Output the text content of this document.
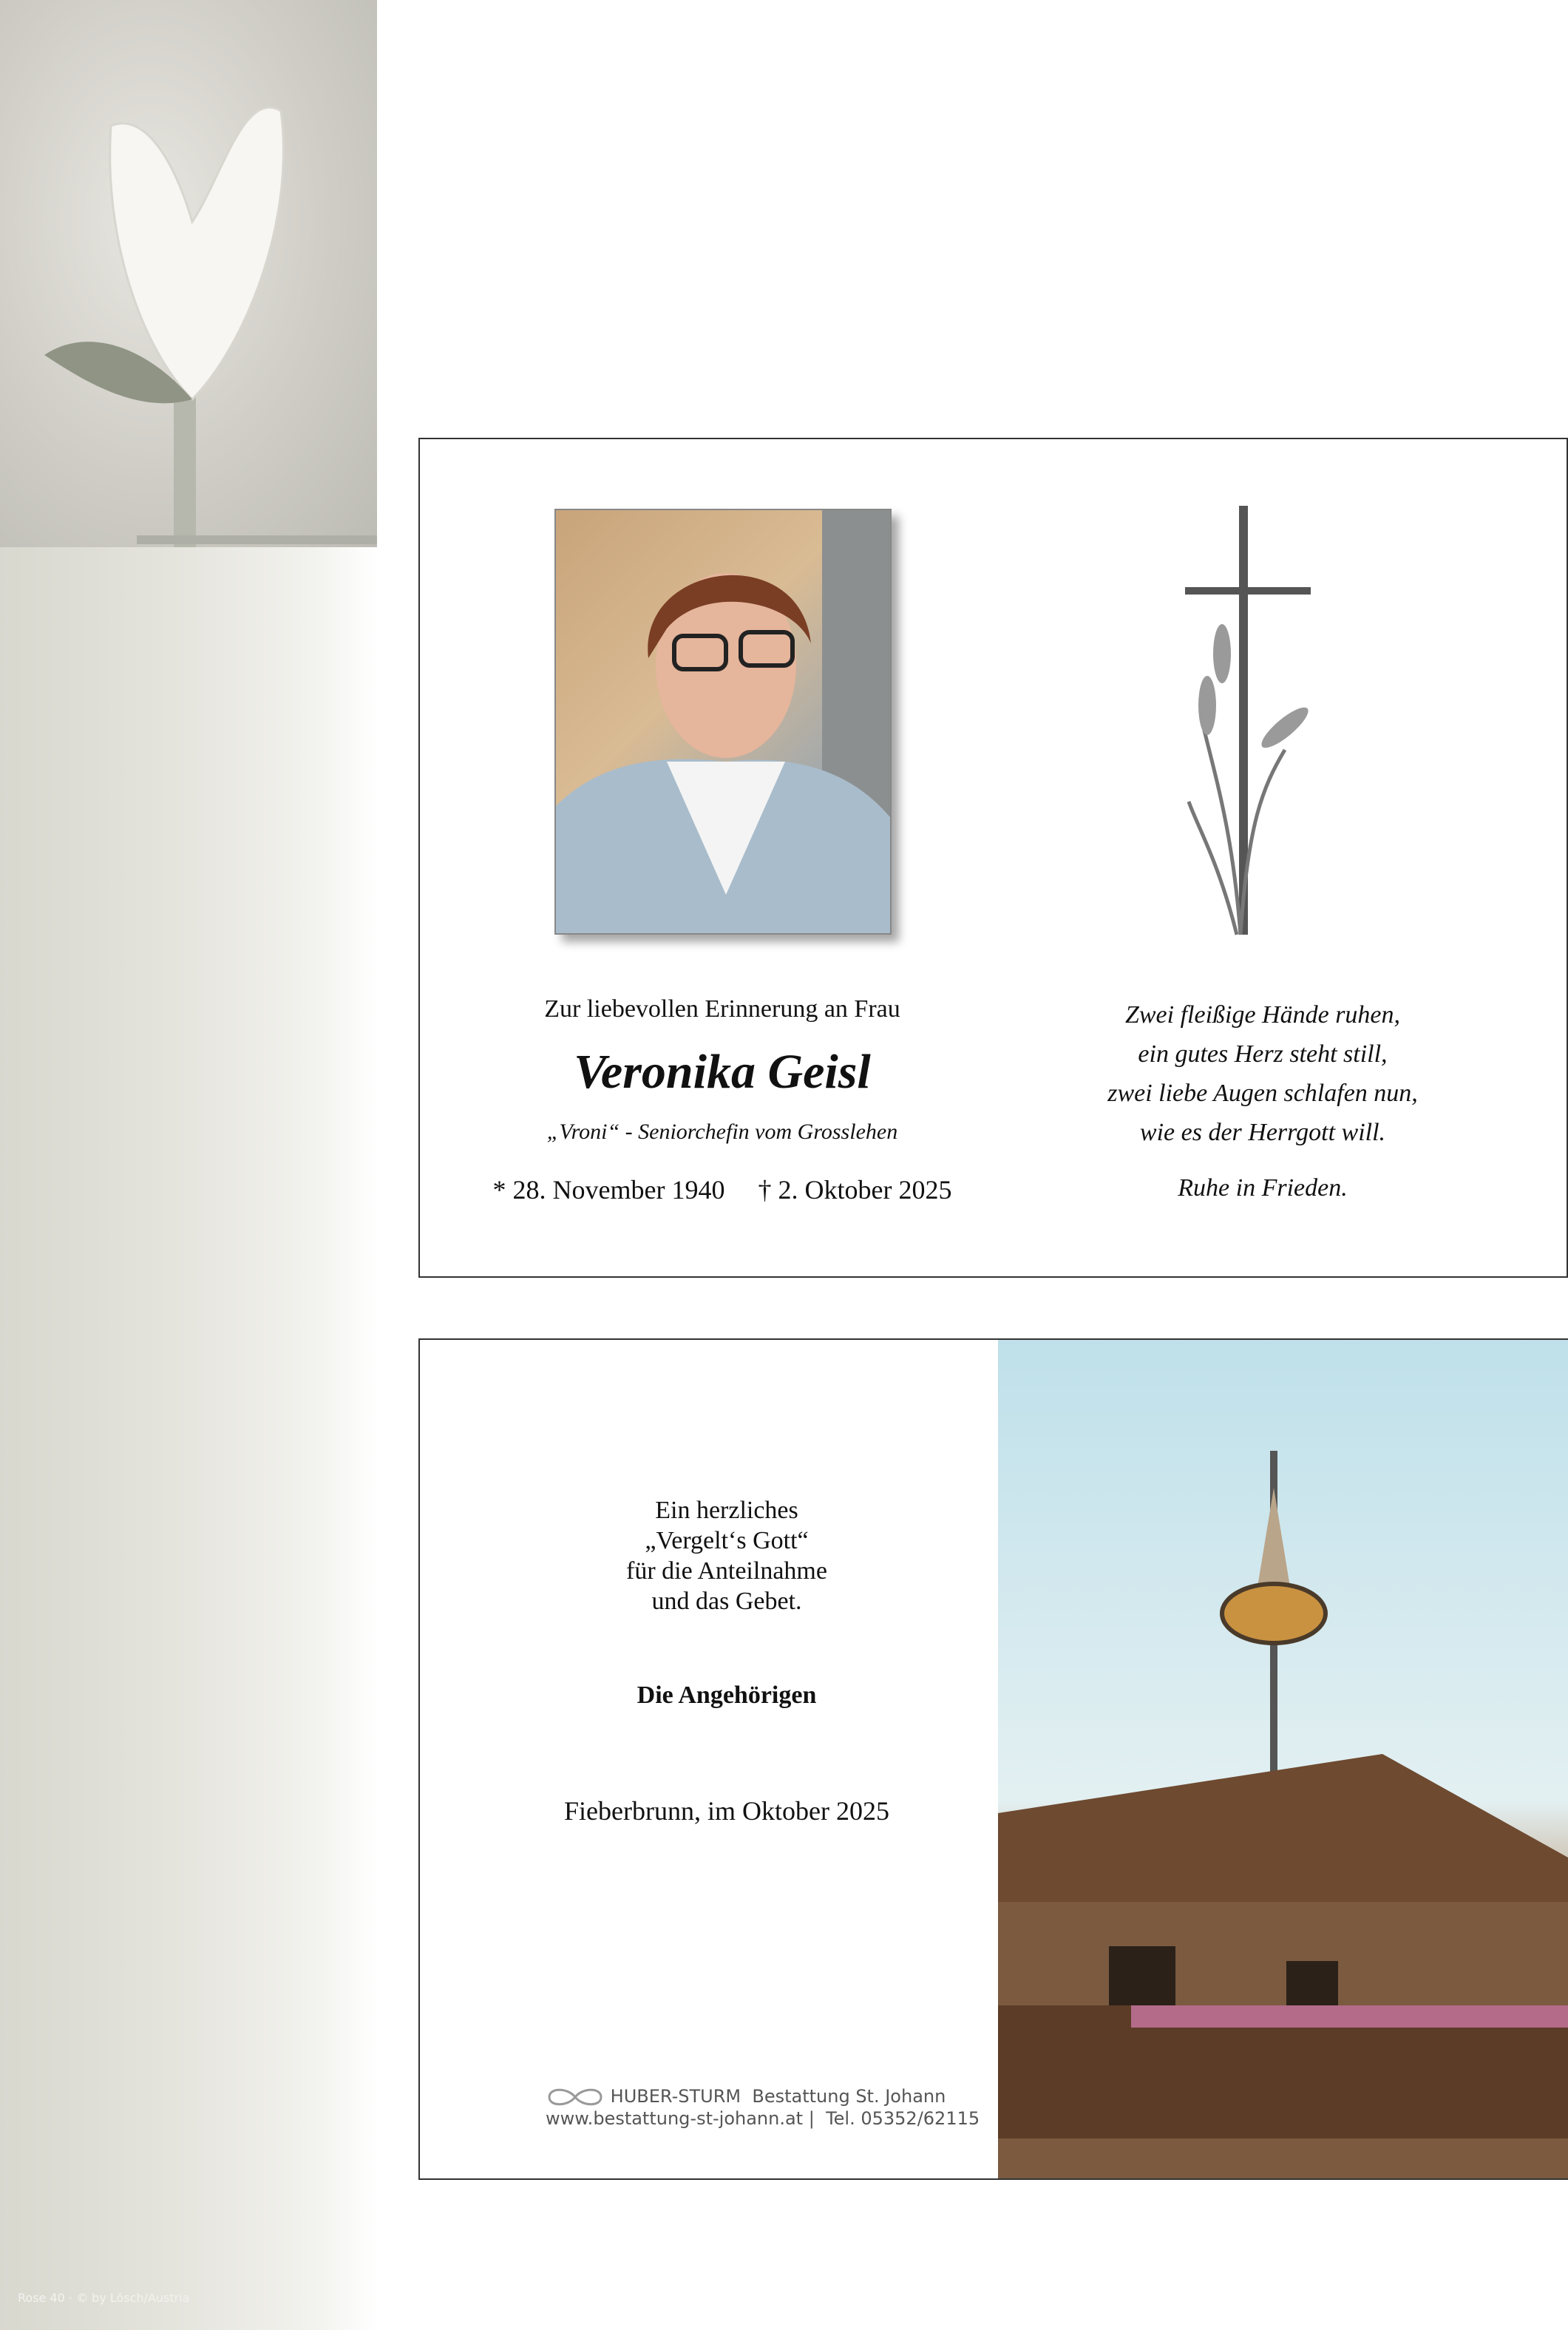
Rose 40 · © by Lösch/Austria
Zur liebevollen Erinnerung an Frau
Veronika Geisl
„Vroni“ - Seniorchefin vom Grosslehen
* 28. November 1940 † 2. Oktober 2025
Zwei fleißige Hände ruhen,
ein gutes Herz steht still,
zwei liebe Augen schlafen nun,
wie es der Herrgott will.
Ruhe in Frieden.
Ein herzliches
„Vergelt‘s Gott“
für die Anteilnahme
und das Gebet.
Die Angehörigen
Fieberbrunn, im Oktober 2025
HUBER-STURM Bestattung St. Johann
www.bestattung-st-johann.at |  Tel. 05352/62115
